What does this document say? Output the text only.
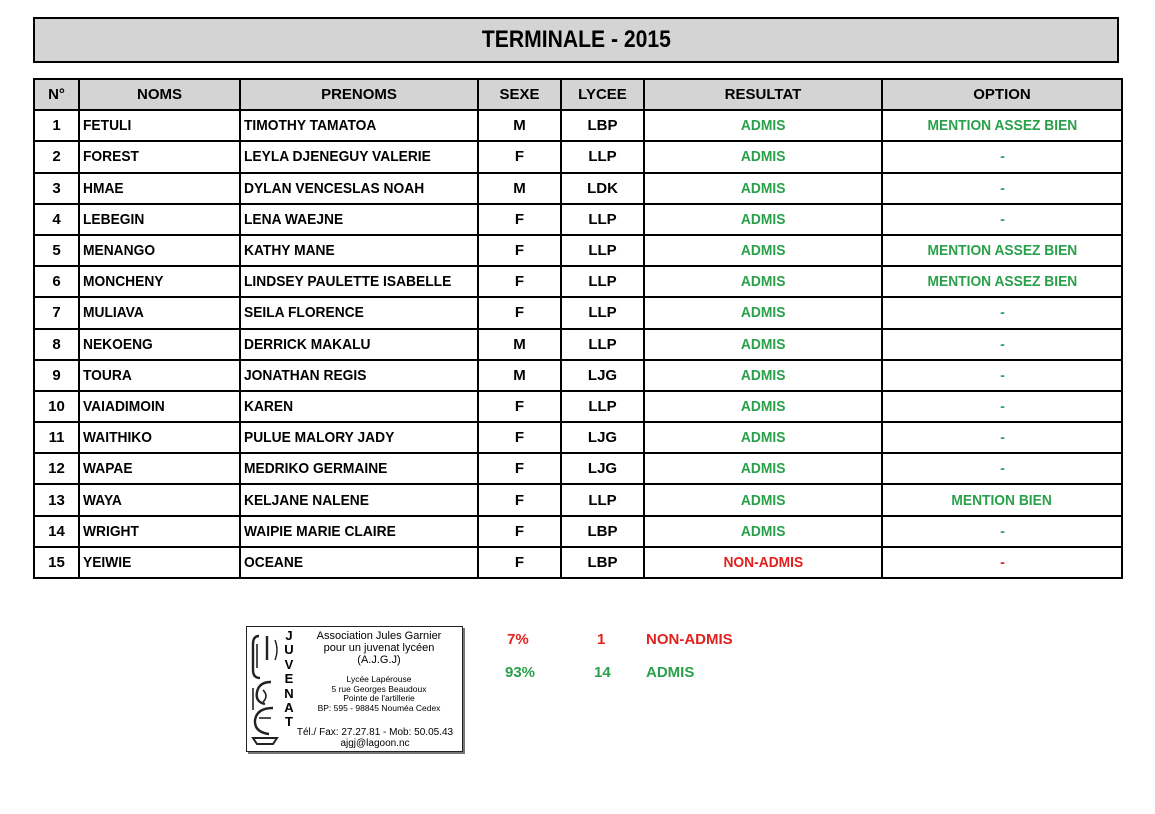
TERMINALE - 2015
N°	NOMS	PRENOMS	SEXE	LYCEE	RESULTAT	OPTION
1	FETULI	TIMOTHY TAMATOA	M	LBP	ADMIS	MENTION ASSEZ BIEN
2	FOREST	LEYLA DJENEGUY VALERIE	F	LLP	ADMIS	-
3	HMAE	DYLAN VENCESLAS NOAH	M	LDK	ADMIS	-
4	LEBEGIN	LENA WAEJNE	F	LLP	ADMIS	-
5	MENANGO	KATHY MANE	F	LLP	ADMIS	MENTION ASSEZ BIEN
6	MONCHENY	LINDSEY PAULETTE ISABELLE	F	LLP	ADMIS	MENTION ASSEZ BIEN
7	MULIAVA	SEILA FLORENCE	F	LLP	ADMIS	-
8	NEKOENG	DERRICK MAKALU	M	LLP	ADMIS	-
9	TOURA	JONATHAN REGIS	M	LJG	ADMIS	-
10	VAIADIMOIN	KAREN	F	LLP	ADMIS	-
11	WAITHIKO	PULUE MALORY JADY	F	LJG	ADMIS	-
12	WAPAE	MEDRIKO GERMAINE	F	LJG	ADMIS	-
13	WAYA	KELJANE NALENE	F	LLP	ADMIS	MENTION BIEN
14	WRIGHT	WAIPIE MARIE CLAIRE	F	LBP	ADMIS	-
15	YEIWIE	OCEANE	F	LBP	NON-ADMIS	-
J
U
V
E
N
A
T
Association Jules Garnier
pour un juvenat lycéen
(A.J.G.J)
Lycée Lapérouse
5 rue Georges Beaudoux
Pointe de l'artillerie
BP: 595 - 98845 Nouméa Cedex
Tél./ Fax: 27.27.81 - Mob: 50.05.43
ajgj@lagoon.nc
7%	1	NON-ADMIS
93%	14 ADMIS
